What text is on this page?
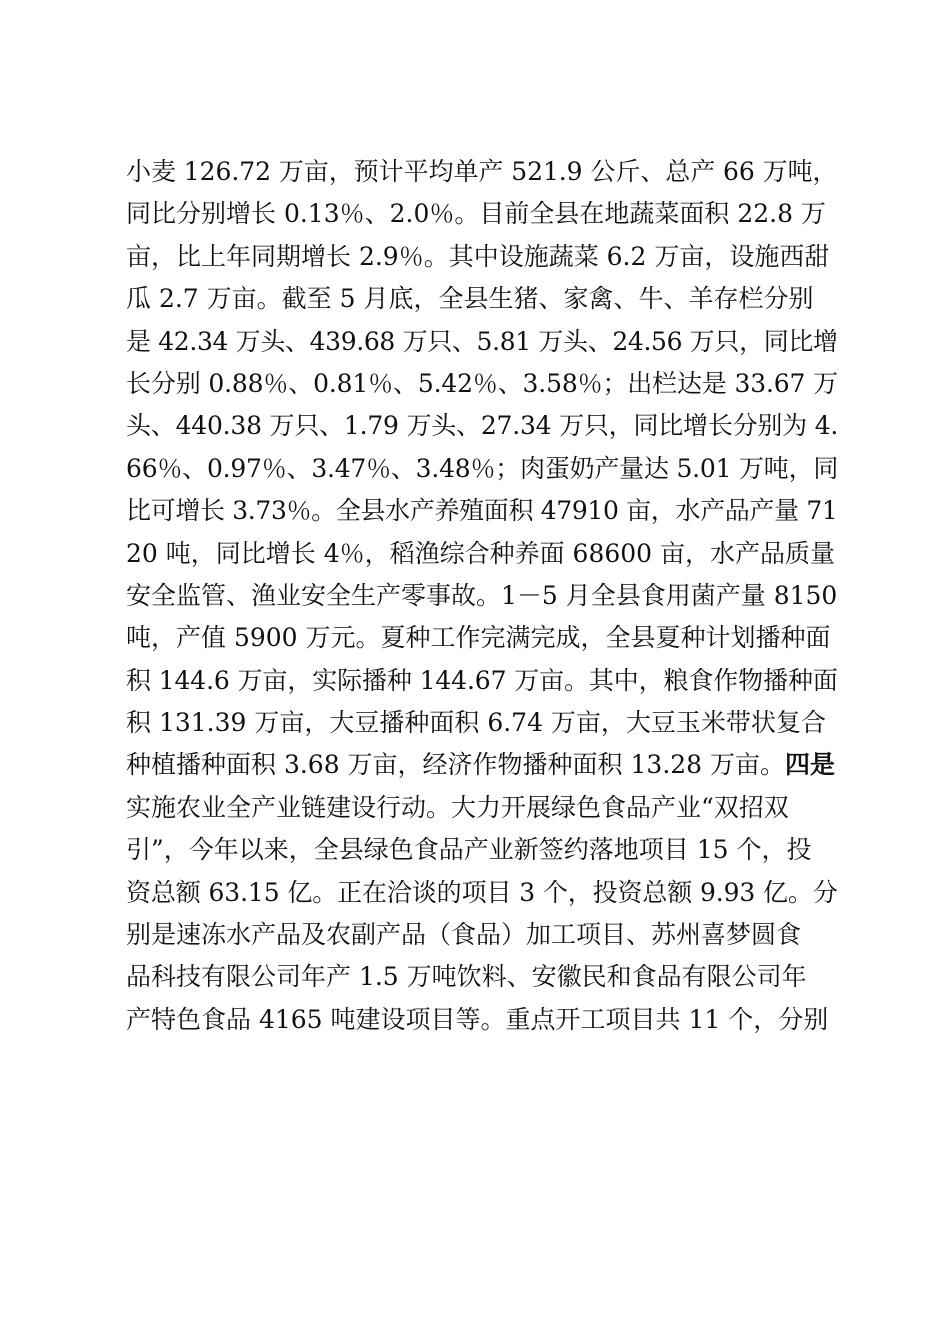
小麦 126.72 万亩，预计平均单产 521.9 公斤、总产 66 万吨，
同比分别增长 0.13％、2.0％。目前全县在地蔬菜面积 22.8 万
亩，比上年同期增长 2.9％。其中设施蔬菜 6.2 万亩，设施西甜
瓜 2.7 万亩。截至 5 月底，全县生猪、家禽、牛、羊存栏分别
是 42.34 万头、439.68 万只、5.81 万头、24.56 万只，同比增
长分别 0.88％、0.81％、5.42％、3.58％；出栏达是 33.67 万
头、440.38 万只、1.79 万头、27.34 万只，同比增长分别为 4.
66％、0.97％、3.47％、3.48％；肉蛋奶产量达 5.01 万吨，同
比可增长 3.73％。全县水产养殖面积 47910 亩，水产品产量 71
20 吨，同比增长 4％，稻渔综合种养面 68600 亩，水产品质量
安全监管、渔业安全生产零事故。1－5 月全县食用菌产量 8150
吨，产值 5900 万元。夏种工作完满完成，全县夏种计划播种面
积 144.6 万亩，实际播种 144.67 万亩。其中，粮食作物播种面
积 131.39 万亩，大豆播种面积 6.74 万亩，大豆玉米带状复合
种植播种面积 3.68 万亩，经济作物播种面积 13.28 万亩。四是
实施农业全产业链建设行动。大力开展绿色食品产业“双招双
引”，今年以来，全县绿色食品产业新签约落地项目 15 个，投
资总额 63.15 亿。正在洽谈的项目 3 个，投资总额 9.93 亿。分
别是速冻水产品及农副产品（食品）加工项目、苏州喜梦圆食
品科技有限公司年产 1.5 万吨饮料、安徽民和食品有限公司年
产特色食品 4165 吨建设项目等。重点开工项目共 11 个，分别
